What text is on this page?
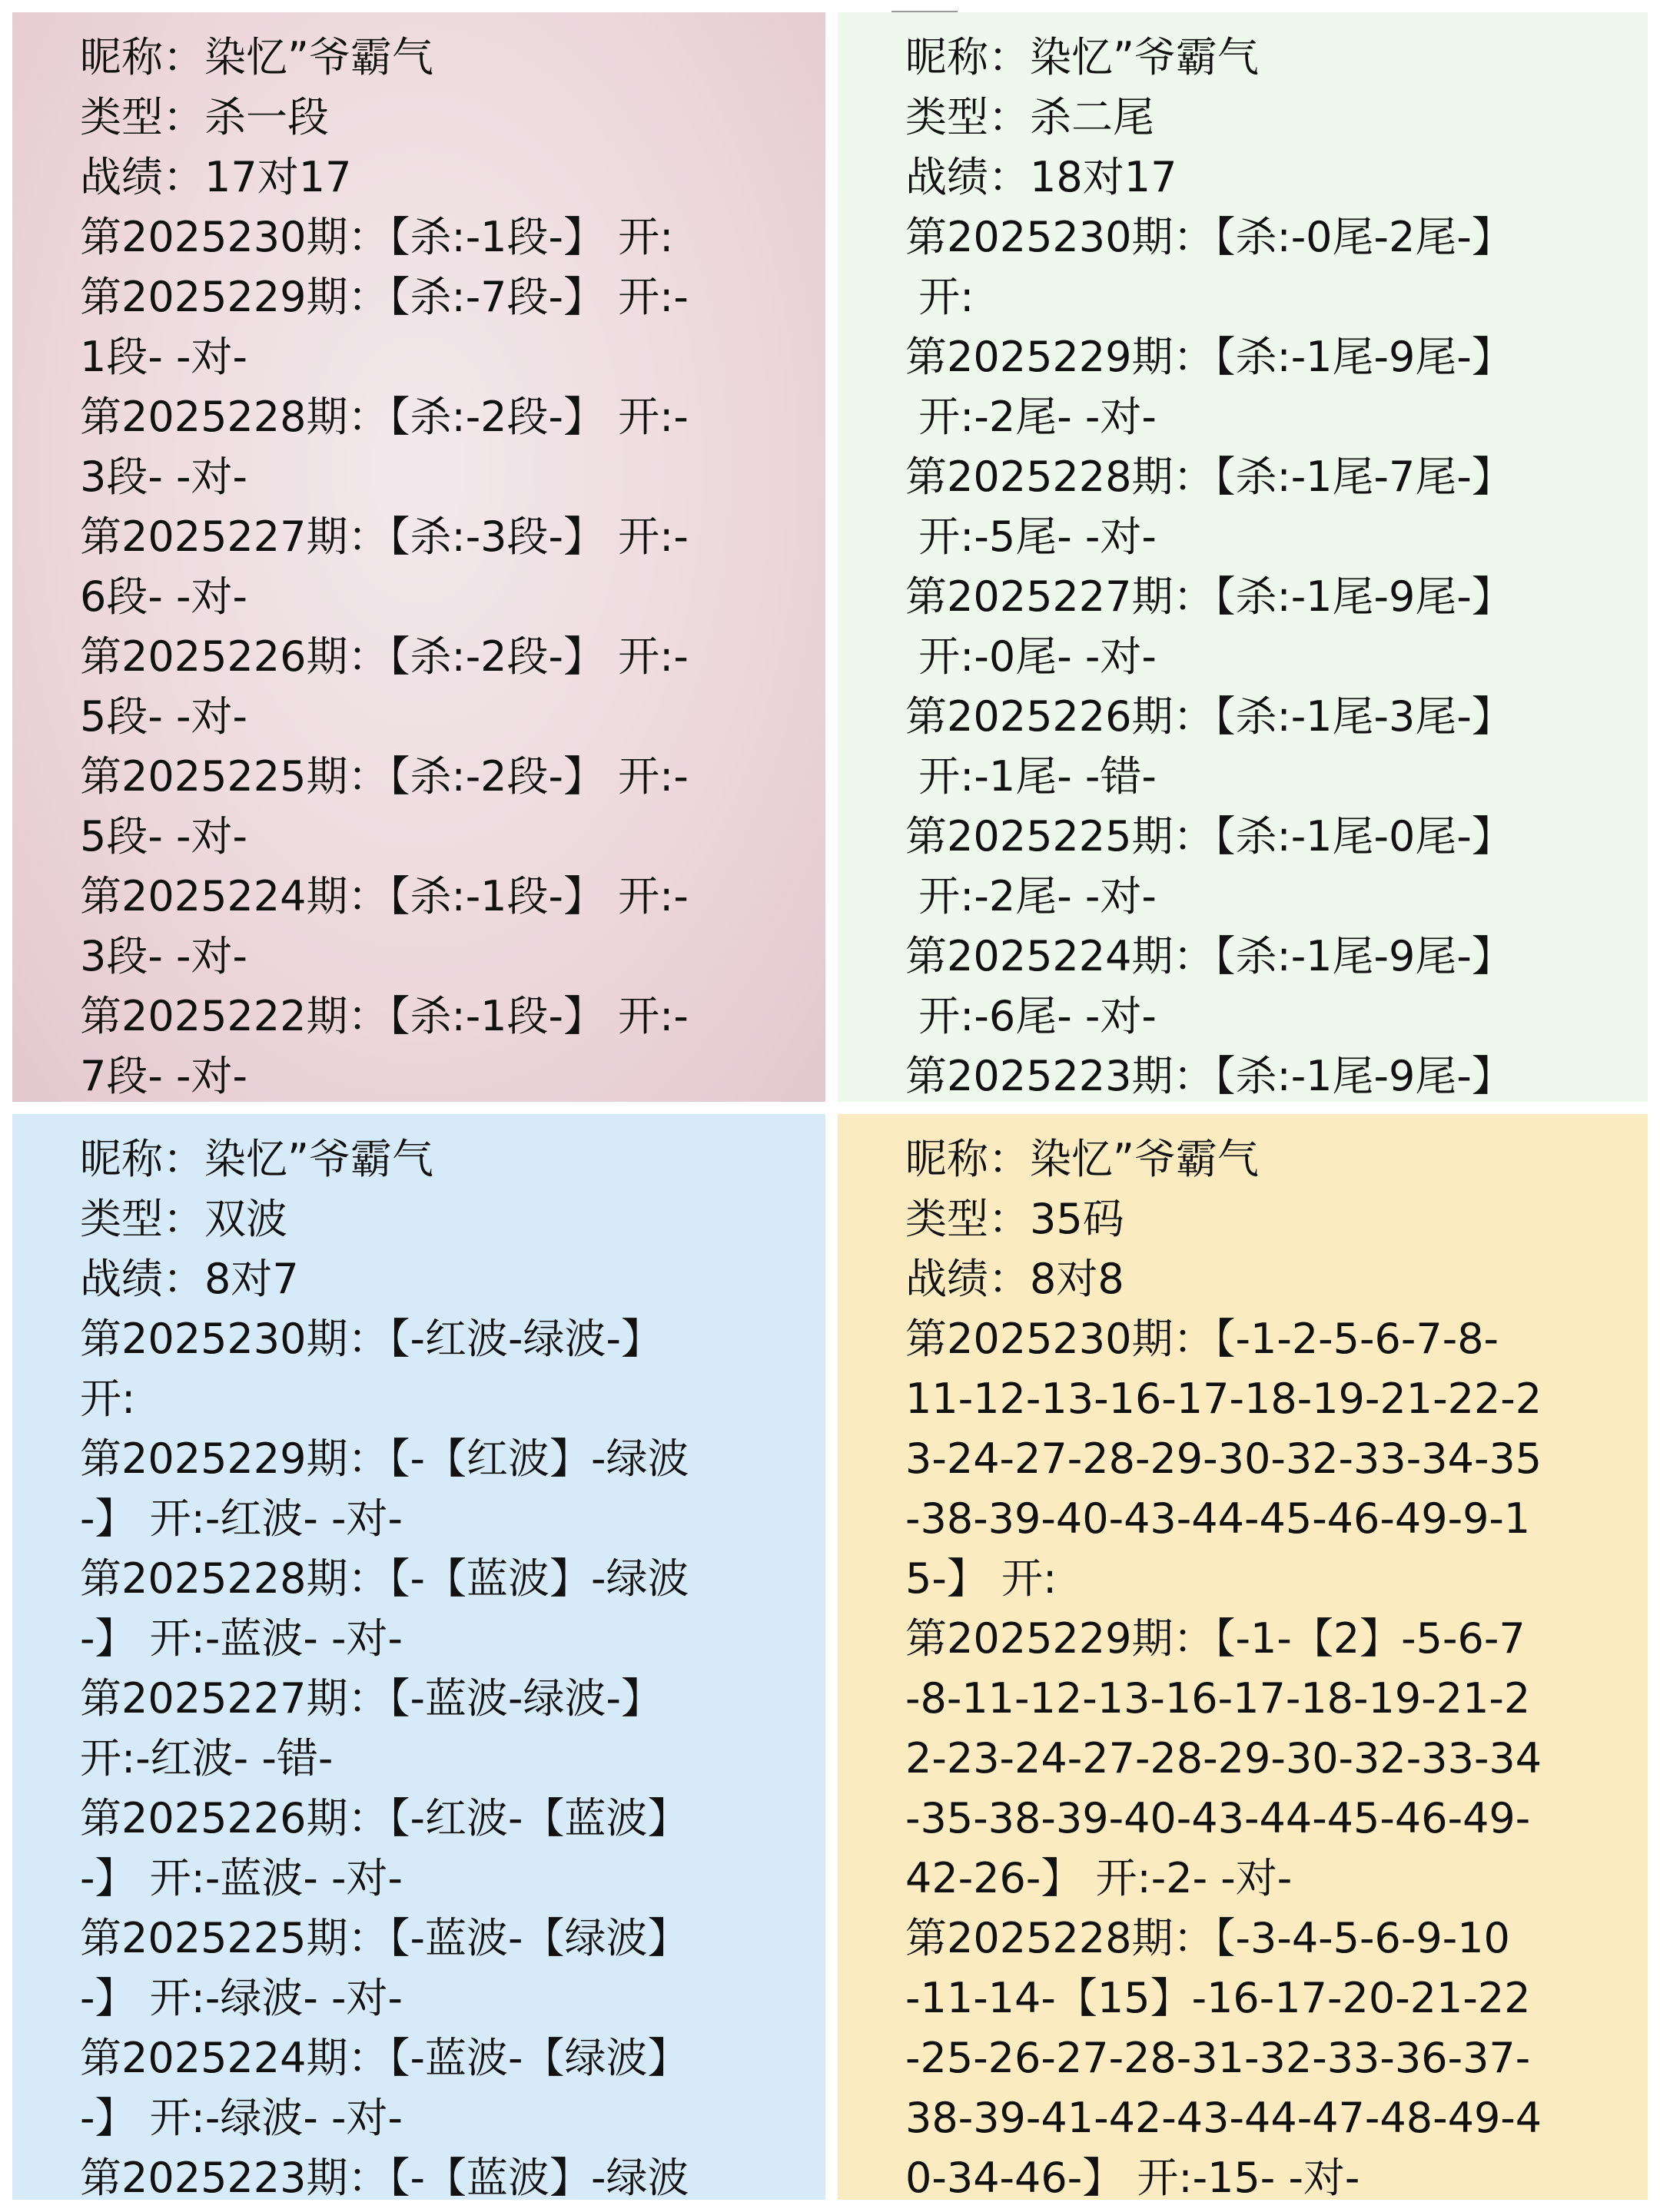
昵称：染忆”爷霸气
类型：杀一段
战绩：17对17
第2025230期：【杀:-1段-】 开:
第2025229期：【杀:-7段-】 开:-
1段- -对-
第2025228期：【杀:-2段-】 开:-
3段- -对-
第2025227期：【杀:-3段-】 开:-
6段- -对-
第2025226期：【杀:-2段-】 开:-
5段- -对-
第2025225期：【杀:-2段-】 开:-
5段- -对-
第2025224期：【杀:-1段-】 开:-
3段- -对-
第2025222期：【杀:-1段-】 开:-
7段- -对-
昵称：染忆”爷霸气
类型：杀二尾
战绩：18对17
第2025230期：【杀:-0尾-2尾-】
开:
第2025229期：【杀:-1尾-9尾-】
开:-2尾- -对-
第2025228期：【杀:-1尾-7尾-】
开:-5尾- -对-
第2025227期：【杀:-1尾-9尾-】
开:-0尾- -对-
第2025226期：【杀:-1尾-3尾-】
开:-1尾- -错-
第2025225期：【杀:-1尾-0尾-】
开:-2尾- -对-
第2025224期：【杀:-1尾-9尾-】
开:-6尾- -对-
第2025223期：【杀:-1尾-9尾-】
昵称：染忆”爷霸气
类型：双波
战绩：8对7
第2025230期：【-红波-绿波-】
开:
第2025229期：【-【红波】-绿波
-】 开:-红波- -对-
第2025228期：【-【蓝波】-绿波
-】 开:-蓝波- -对-
第2025227期：【-蓝波-绿波-】
开:-红波- -错-
第2025226期：【-红波-【蓝波】
-】 开:-蓝波- -对-
第2025225期：【-蓝波-【绿波】
-】 开:-绿波- -对-
第2025224期：【-蓝波-【绿波】
-】 开:-绿波- -对-
第2025223期：【-【蓝波】-绿波
昵称：染忆”爷霸气
类型：35码
战绩：8对8
第2025230期：【-1-2-5-6-7-8-
11-12-13-16-17-18-19-21-22-2
3-24-27-28-29-30-32-33-34-35
-38-39-40-43-44-45-46-49-9-1
5-】 开:
第2025229期：【-1-【2】-5-6-7
-8-11-12-13-16-17-18-19-21-2
2-23-24-27-28-29-30-32-33-34
-35-38-39-40-43-44-45-46-49-
42-26-】 开:-2- -对-
第2025228期：【-3-4-5-6-9-10
-11-14-【15】-16-17-20-21-22
-25-26-27-28-31-32-33-36-37-
38-39-41-42-43-44-47-48-49-4
0-34-46-】 开:-15- -对-
